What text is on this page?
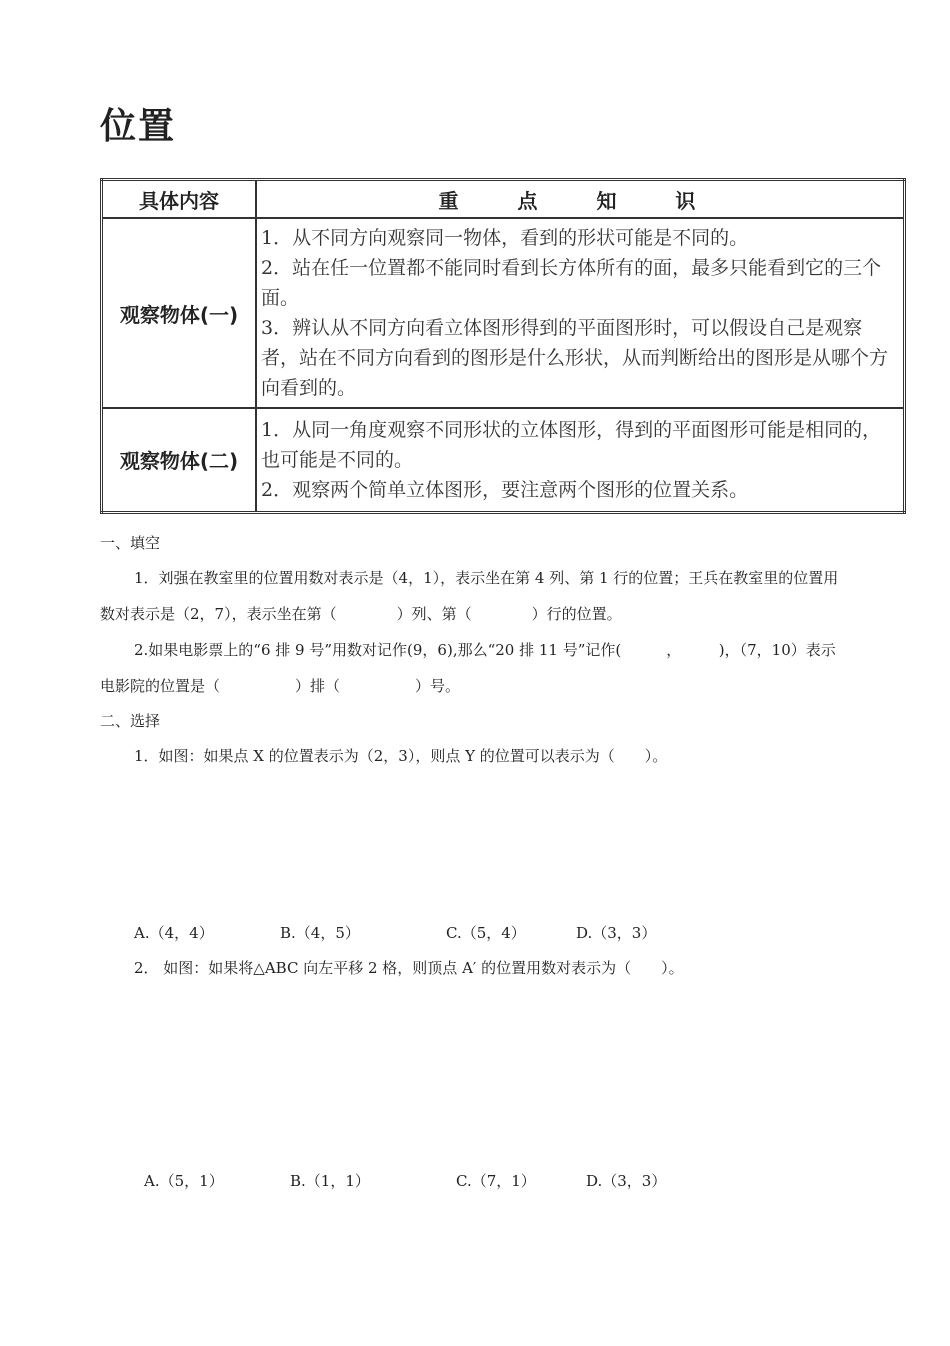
位置
具体内容	重 点 知 识
观察物体(一)	1．从不同方向观察同一物体，看到的形状可能是不同的。

2．站在任一位置都不能同时看到长方体所有的面，最多只能看到它的三个面。

3．辨认从不同方向看立体图形得到的平面图形时，可以假设自己是观察者，站在不同方向看到的图形是什么形状，从而判断给出的图形是从哪个方向看到的。

观察物体(二)	1．从同一角度观察不同形状的立体图形，得到的平面图形可能是相同的，也可能是不同的。

2．观察两个简单立体图形，要注意两个图形的位置关系。

一、填空
1．刘强在教室里的位置用数对表示是（4，1），表示坐在第 4 列、第 1 行的位置；王兵在教室里的位置用数对表示是（2，7），表示坐在第（　　　　）列、第（　　　　）行的位置。
2.如果电影票上的“6 排 9 号”用数对记作(9，6),那么“20 排 11 号”记作(　　　，　　　)，（7，10）表示电影院的位置是（　　　　　）排（　　　　　）号。
二、选择
1．如图：如果点 X 的位置表示为（2，3），则点 Y 的位置可以表示为（　　）。
A.（4，4）	B.（4，5）	C.（5，4）	D.（3，3）
2． 如图：如果将△ABC 向左平移 2 格，则顶点 A′ 的位置用数对表示为（　　）。
A.（5，1）	B.（1，1）	C.（7，1）	D.（3，3）
